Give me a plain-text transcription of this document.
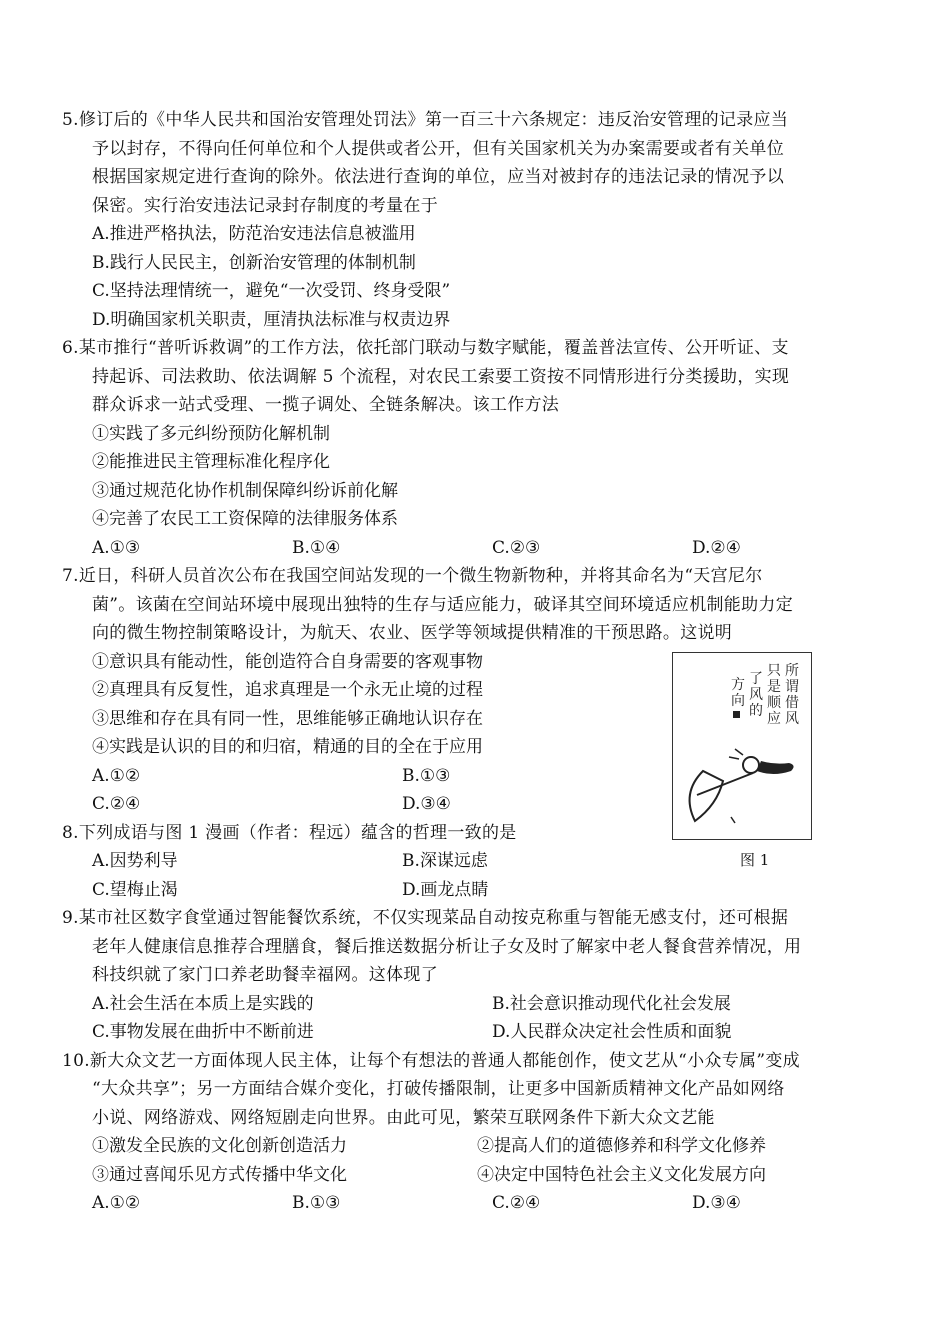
5.修订后的《中华人民共和国治安管理处罚法》第一百三十六条规定：违反治安管理的记录应当
予以封存，不得向任何单位和个人提供或者公开，但有关国家机关为办案需要或者有关单位
根据国家规定进行查询的除外。依法进行查询的单位，应当对被封存的违法记录的情况予以
保密。实行治安违法记录封存制度的考量在于
A.推进严格执法，防范治安违法信息被滥用
B.践行人民民主，创新治安管理的体制机制
C.坚持法理情统一，避免“一次受罚、终身受限”
D.明确国家机关职责，厘清执法标准与权责边界
6.某市推行“普听诉救调”的工作方法，依托部门联动与数字赋能，覆盖普法宣传、公开听证、支
持起诉、司法救助、依法调解 5 个流程，对农民工索要工资按不同情形进行分类援助，实现
群众诉求一站式受理、一揽子调处、全链条解决。该工作方法
①实践了多元纠纷预防化解机制
②能推进民主管理标准化程序化
③通过规范化协作机制保障纠纷诉前化解
④完善了农民工工资保障的法律服务体系
A.①③	B.①④	C.②③	D.②④
7.近日，科研人员首次公布在我国空间站发现的一个微生物新物种，并将其命名为“天宫尼尔
菌”。该菌在空间站环境中展现出独特的生存与适应能力，破译其空间环境适应机制能助力定
向的微生物控制策略设计，为航天、农业、医学等领域提供精准的干预思路。这说明
①意识具有能动性，能创造符合自身需要的客观事物
②真理具有反复性，追求真理是一个永无止境的过程
③思维和存在具有同一性，思维能够正确地认识存在
④实践是认识的目的和归宿，精通的目的全在于应用
A.①②	B.①③
C.②④	D.③④
8.下列成语与图 1 漫画（作者：程远）蕴含的哲理一致的是
A.因势利导	B.深谋远虑
C.望梅止渴	D.画龙点睛
9.某市社区数字食堂通过智能餐饮系统，不仅实现菜品自动按克称重与智能无感支付，还可根据
老年人健康信息推荐合理膳食，餐后推送数据分析让子女及时了解家中老人餐食营养情况，用
科技织就了家门口养老助餐幸福网。这体现了
A.社会生活在本质上是实践的	B.社会意识推动现代化社会发展
C.事物发展在曲折中不断前进	D.人民群众决定社会性质和面貌
10.新大众文艺一方面体现人民主体，让每个有想法的普通人都能创作，使文艺从“小众专属”变成
“大众共享”；另一方面结合媒介变化，打破传播限制，让更多中国新质精神文化产品如网络
小说、网络游戏、网络短剧走向世界。由此可见，繁荣互联网条件下新大众文艺能
①激发全民族的文化创新创造活力	②提高人们的道德修养和科学文化修养
③通过喜闻乐见方式传播中华文化	④决定中国特色社会主义文化发展方向
A.①②	B.①③	C.②④	D.③④
所
谓
借
风
只
是
顺
应
了
风
的
方
向
图 1
